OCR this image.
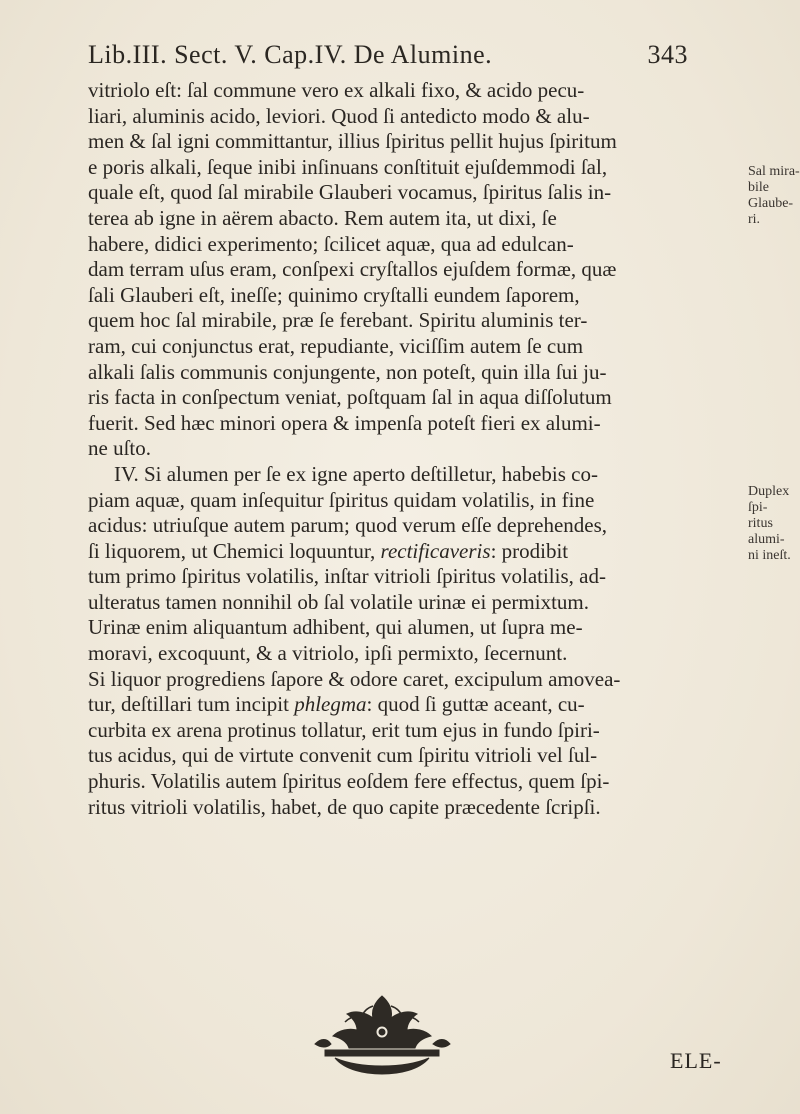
Lib.III. Sect. V. Cap.IV. De Alumine.	343
vitriolo eſt: ſal commune vero ex alkali fixo, & acido pecu-
liari, aluminis acido, leviori. Quod ſi antedicto modo & alu-
men & ſal igni committantur, illius ſpiritus pellit hujus ſpiritum
e poris alkali, ſeque inibi inſinuans conſtituit ejuſdemmodi ſal,
quale eſt, quod ſal mirabile Glauberi vocamus, ſpiritus ſalis in-
terea ab igne in aërem abacto. Rem autem ita, ut dixi, ſe
habere, didici experimento; ſcilicet aquæ, qua ad edulcan-
dam terram uſus eram, conſpexi cryſtallos ejuſdem formæ, quæ
ſali Glauberi eſt, ineſſe; quinimo cryſtalli eundem ſaporem,
quem hoc ſal mirabile, præ ſe ferebant. Spiritu aluminis ter-
ram, cui conjunctus erat, repudiante, viciſſim autem ſe cum
alkali ſalis communis conjungente, non poteſt, quin illa ſui ju-
ris facta in conſpectum veniat, poſtquam ſal in aqua diſſolutum
fuerit. Sed hæc minori opera & impenſa poteſt fieri ex alumi-
ne uſto.
IV. Si alumen per ſe ex igne aperto deſtilletur, habebis co-
piam aquæ, quam inſequitur ſpiritus quidam volatilis, in fine
acidus: utriuſque autem parum; quod verum eſſe deprehendes,
ſi liquorem, ut Chemici loquuntur, rectificaveris: prodibit
tum primo ſpiritus volatilis, inſtar vitrioli ſpiritus volatilis, ad-
ulteratus tamen nonnihil ob ſal volatile urinæ ei permixtum.
Urinæ enim aliquantum adhibent, qui alumen, ut ſupra me-
moravi, excoquunt, & a vitriolo, ipſi permixto, ſecernunt.
Si liquor progrediens ſapore & odore caret, excipulum amovea-
tur, deſtillari tum incipit phlegma: quod ſi guttæ aceant, cu-
curbita ex arena protinus tollatur, erit tum ejus in fundo ſpiri-
tus acidus, qui de virtute convenit cum ſpiritu vitrioli vel ſul-
phuris. Volatilis autem ſpiritus eoſdem fere effectus, quem ſpi-
ritus vitrioli volatilis, habet, de quo capite præcedente ſcripſi.
Sal mira-
bile Glaube-
ri.
Duplex ſpi-
ritus alumi-
ni ineſt.
ELE-
